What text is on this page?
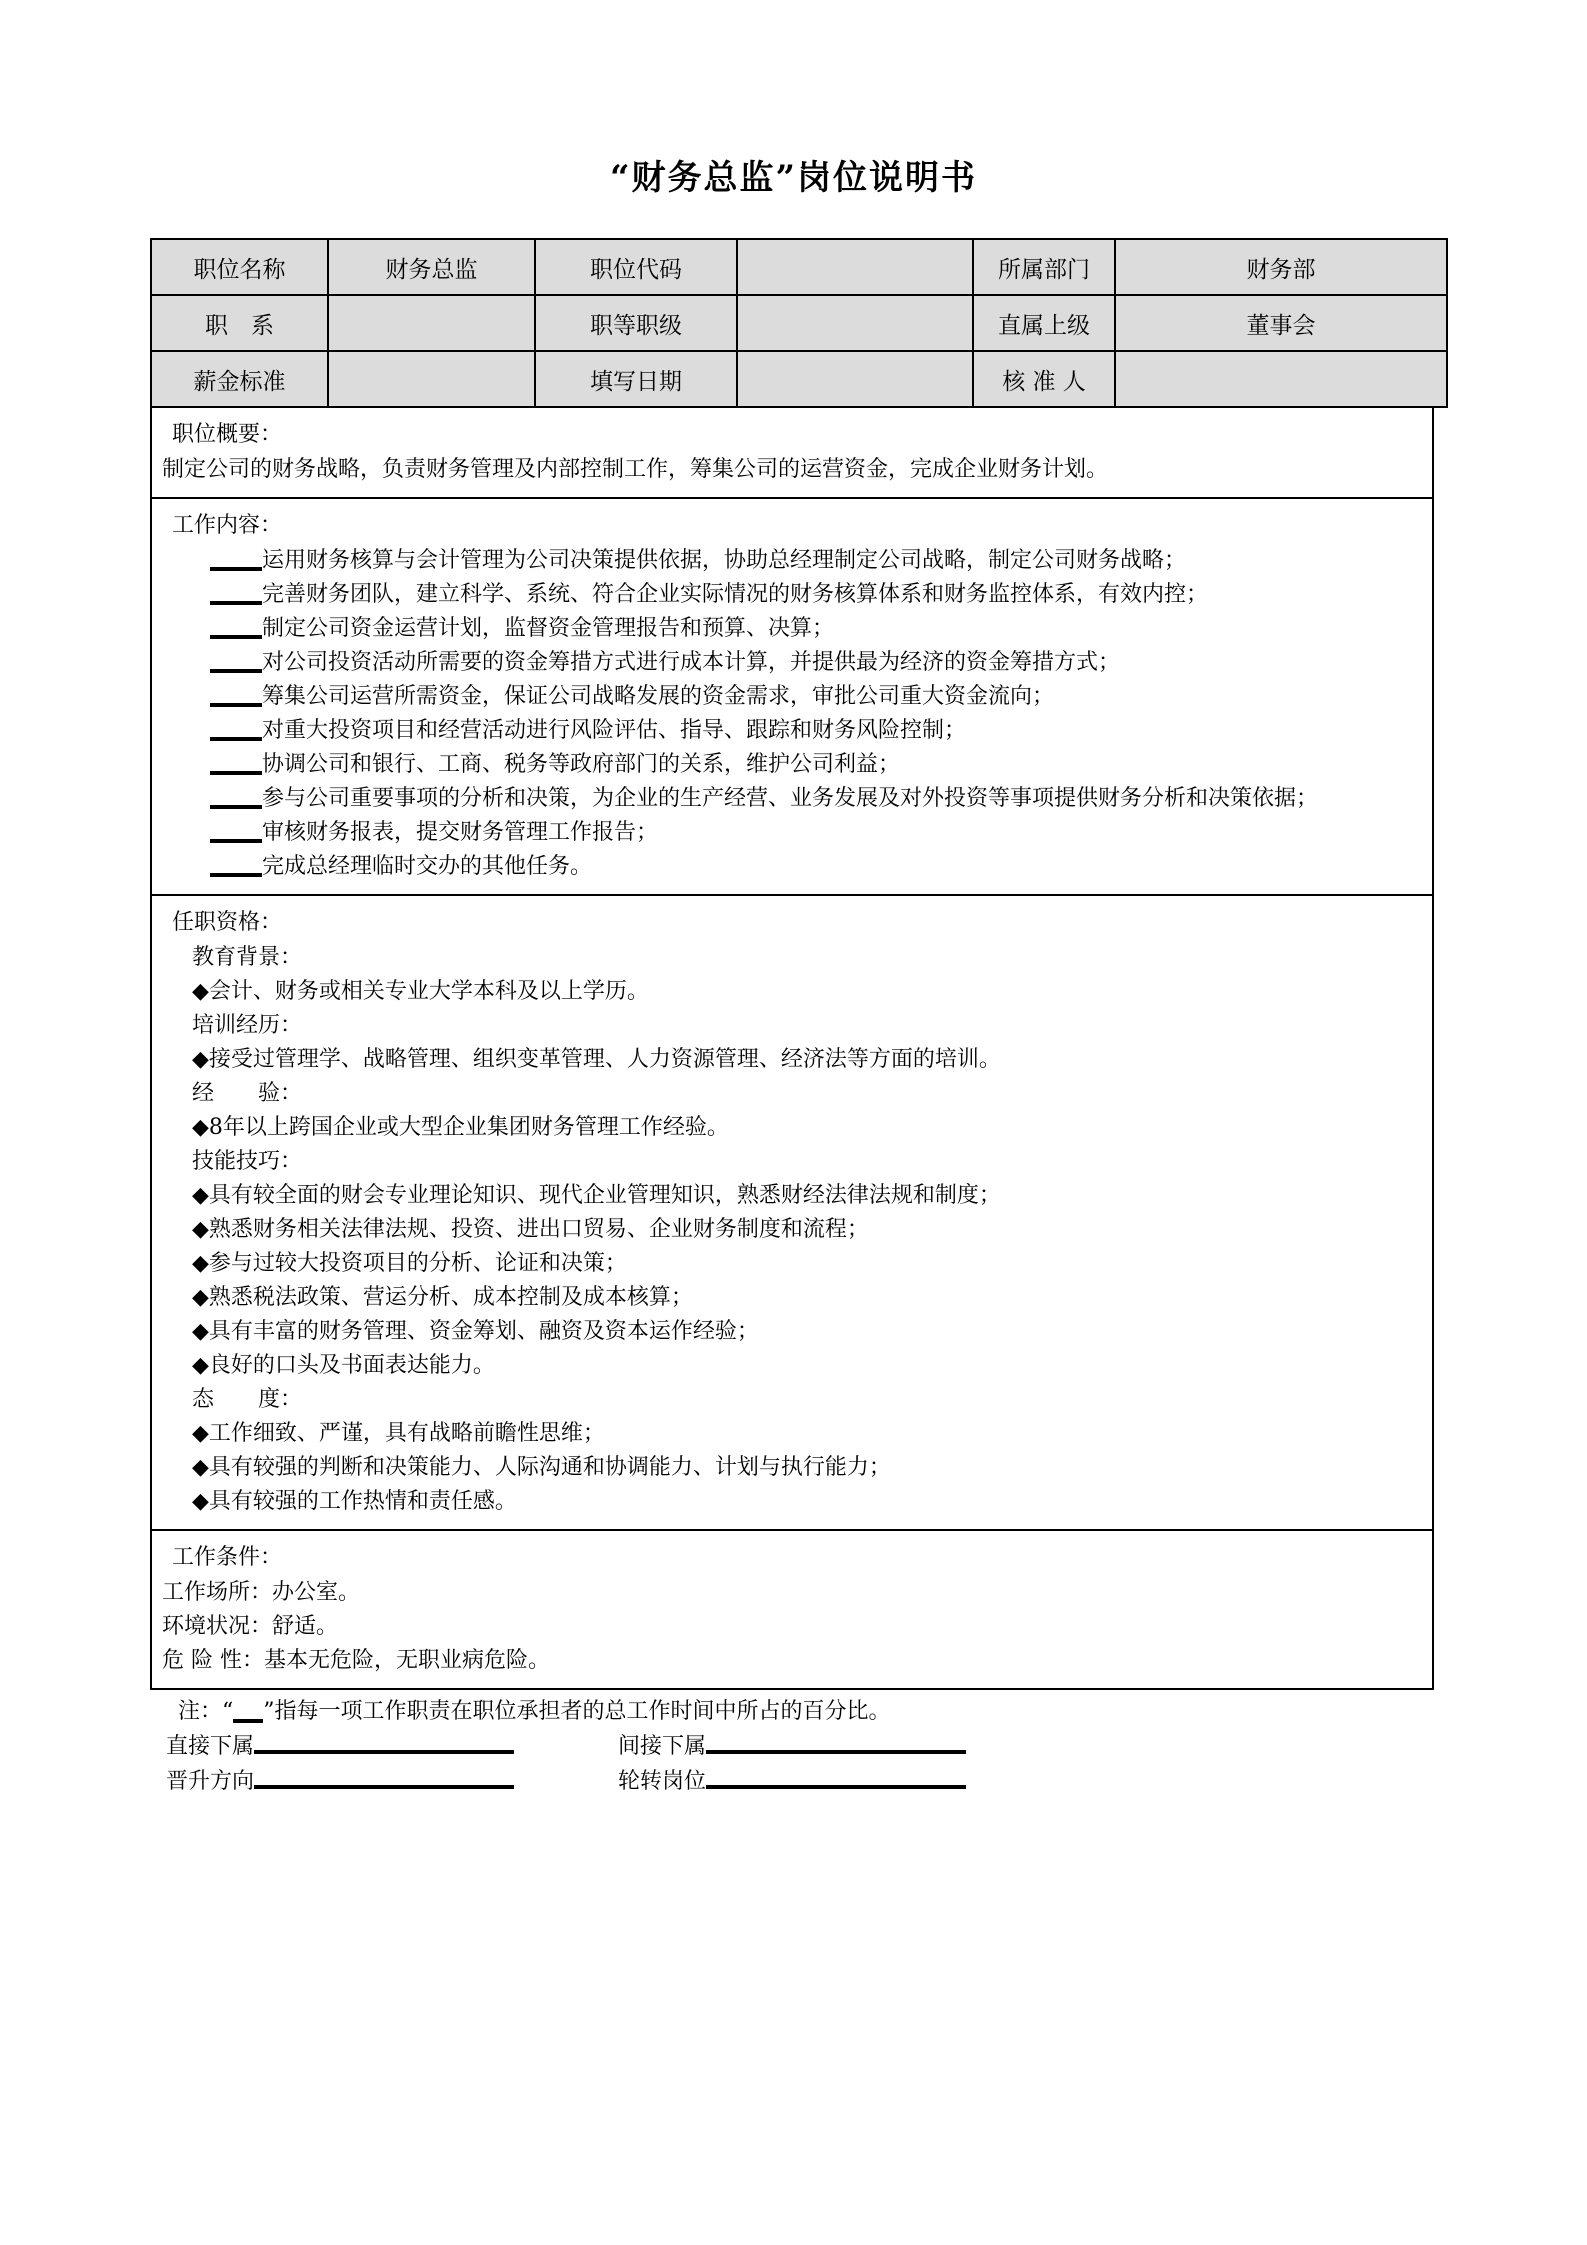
“财务总监”岗位说明书
职位名称	财务总监	职位代码		所属部门	财务部
职　系		职等职级		直属上级	董事会
薪金标准		填写日期		核 准 人	
职位概要：
制定公司的财务战略，负责财务管理及内部控制工作，筹集公司的运营资金，完成企业财务计划。
工作内容：
运用财务核算与会计管理为公司决策提供依据，协助总经理制定公司战略，制定公司财务战略；
完善财务团队，建立科学、系统、符合企业实际情况的财务核算体系和财务监控体系，有效内控；
制定公司资金运营计划，监督资金管理报告和预算、决算；
对公司投资活动所需要的资金筹措方式进行成本计算，并提供最为经济的资金筹措方式；
筹集公司运营所需资金，保证公司战略发展的资金需求，审批公司重大资金流向；
对重大投资项目和经营活动进行风险评估、指导、跟踪和财务风险控制；
协调公司和银行、工商、税务等政府部门的关系，维护公司利益；
参与公司重要事项的分析和决策，为企业的生产经营、业务发展及对外投资等事项提供财务分析和决策依据；
审核财务报表，提交财务管理工作报告；
完成总经理临时交办的其他任务。
任职资格：
教育背景：
◆会计、财务或相关专业大学本科及以上学历。
培训经历：
◆接受过管理学、战略管理、组织变革管理、人力资源管理、经济法等方面的培训。
经　　验：
◆8年以上跨国企业或大型企业集团财务管理工作经验。
技能技巧：
◆具有较全面的财会专业理论知识、现代企业管理知识，熟悉财经法律法规和制度；
◆熟悉财务相关法律法规、投资、进出口贸易、企业财务制度和流程；
◆参与过较大投资项目的分析、论证和决策；
◆熟悉税法政策、营运分析、成本控制及成本核算；
◆具有丰富的财务管理、资金筹划、融资及资本运作经验；
◆良好的口头及书面表达能力。
态　　度：
◆工作细致、严谨，具有战略前瞻性思维；
◆具有较强的判断和决策能力、人际沟通和协调能力、计划与执行能力；
◆具有较强的工作热情和责任感。
工作条件：
工作场所：办公室。
环境状况：舒适。
危 险 性：基本无危险，无职业病危险。
注：“ ”指每一项工作职责在职位承担者的总工作时间中所占的百分比。
直接下属	间接下属
晋升方向	轮转岗位
